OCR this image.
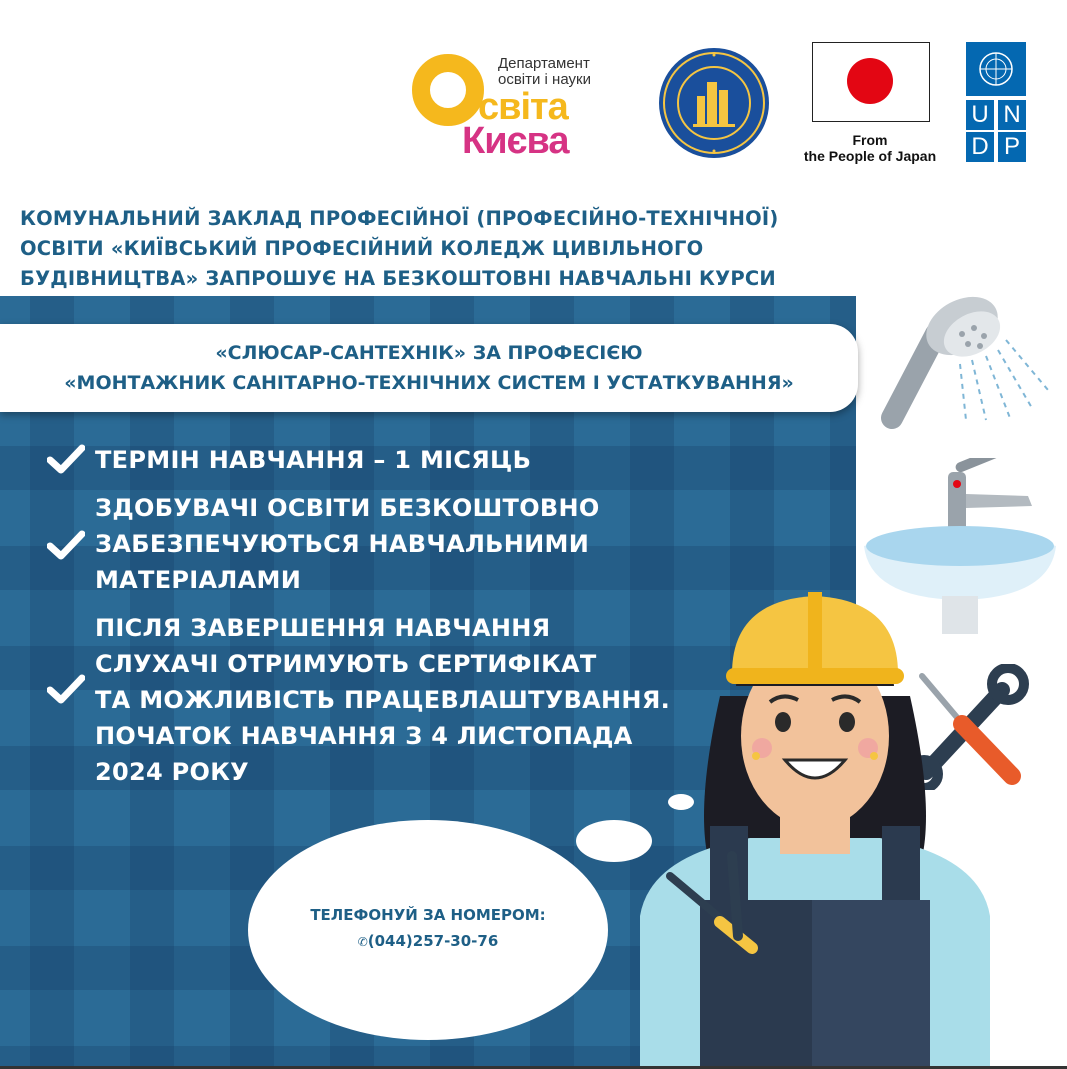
Департамент
освіти і науки
світа
Києва	From
the People of Japan
U N
D P
КОМУНАЛЬНИЙ ЗАКЛАД ПРОФЕСІЙНОЇ (ПРОФЕСІЙНО-ТЕХНІЧНОЇ)
ОСВІТИ «КИЇВСЬКИЙ ПРОФЕСІЙНИЙ КОЛЕДЖ ЦИВІЛЬНОГО
БУДІВНИЦТВА» ЗАПРОШУЄ НА БЕЗКОШТОВНІ НАВЧАЛЬНІ КУРСИ
«СЛЮСАР-САНТЕХНІК» ЗА ПРОФЕСІЄЮ
«МОНТАЖНИК САНІТАРНО-ТЕХНІЧНИХ СИСТЕМ І УСТАТКУВАННЯ»
ТЕРМІН НАВЧАННЯ – 1 МІСЯЦЬ
ЗДОБУВАЧІ ОСВІТИ БЕЗКОШТОВНО
ЗАБЕЗПЕЧУЮТЬСЯ НАВЧАЛЬНИМИ
МАТЕРІАЛАМИ
ПІСЛЯ ЗАВЕРШЕННЯ НАВЧАННЯ
СЛУХАЧІ ОТРИМУЮТЬ СЕРТИФІКАТ
ТА МОЖЛИВІСТЬ ПРАЦЕВЛАШТУВАННЯ.
ПОЧАТОК НАВЧАННЯ З 4 ЛИСТОПАДА
2024 РОКУ
ТЕЛЕФОНУЙ ЗА НОМЕРОМ:
✆(044)257-30-76
